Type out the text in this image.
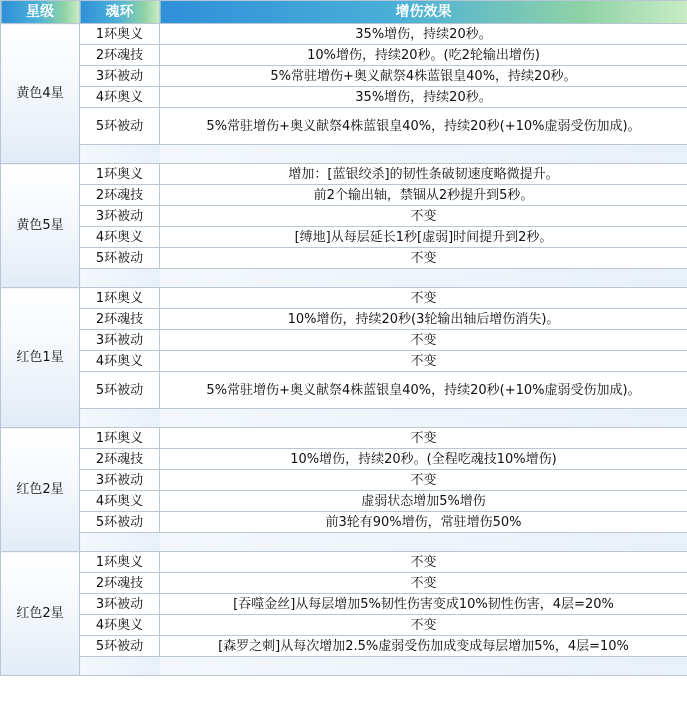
星级	魂环	增伤效果
黄色4星	1环奥义	35%增伤，持续20秒。
	2环魂技	10%增伤，持续20秒。(吃2轮输出增伤)
	3环被动	5%常驻增伤+奥义献祭4株蓝银皇40%，持续20秒。
	4环奥义	35%增伤，持续20秒。
	5环被动	5%常驻增伤+奥义献祭4株蓝银皇40%，持续20秒(+10%虚弱受伤加成)。

黄色5星	1环奥义	增加：[蓝银绞杀]的韧性条破韧速度略微提升。
	2环魂技	前2个输出轴，禁锢从2秒提升到5秒。
	3环被动	不变
	4环奥义	[缚地]从每层延长1秒[虚弱]时间提升到2秒。
	5环被动	不变

红色1星	1环奥义	不变
	2环魂技	10%增伤，持续20秒(3轮输出轴后增伤消失)。
	3环被动	不变
	4环奥义	不变
	5环被动	5%常驻增伤+奥义献祭4株蓝银皇40%，持续20秒(+10%虚弱受伤加成)。

红色2星	1环奥义	不变
	2环魂技	10%增伤，持续20秒。(全程吃魂技10%增伤)
	3环被动	不变
	4环奥义	虚弱状态增加5%增伤
	5环被动	前3轮有90%增伤，常驻增伤50%

红色2星	1环奥义	不变
	2环魂技	不变
	3环被动	[吞噬金丝]从每层增加5%韧性伤害变成10%韧性伤害，4层=20%
	4环奥义	不变
	5环被动	[森罗之刺]从每次增加2.5%虚弱受伤加成变成每层增加5%，4层=10%
